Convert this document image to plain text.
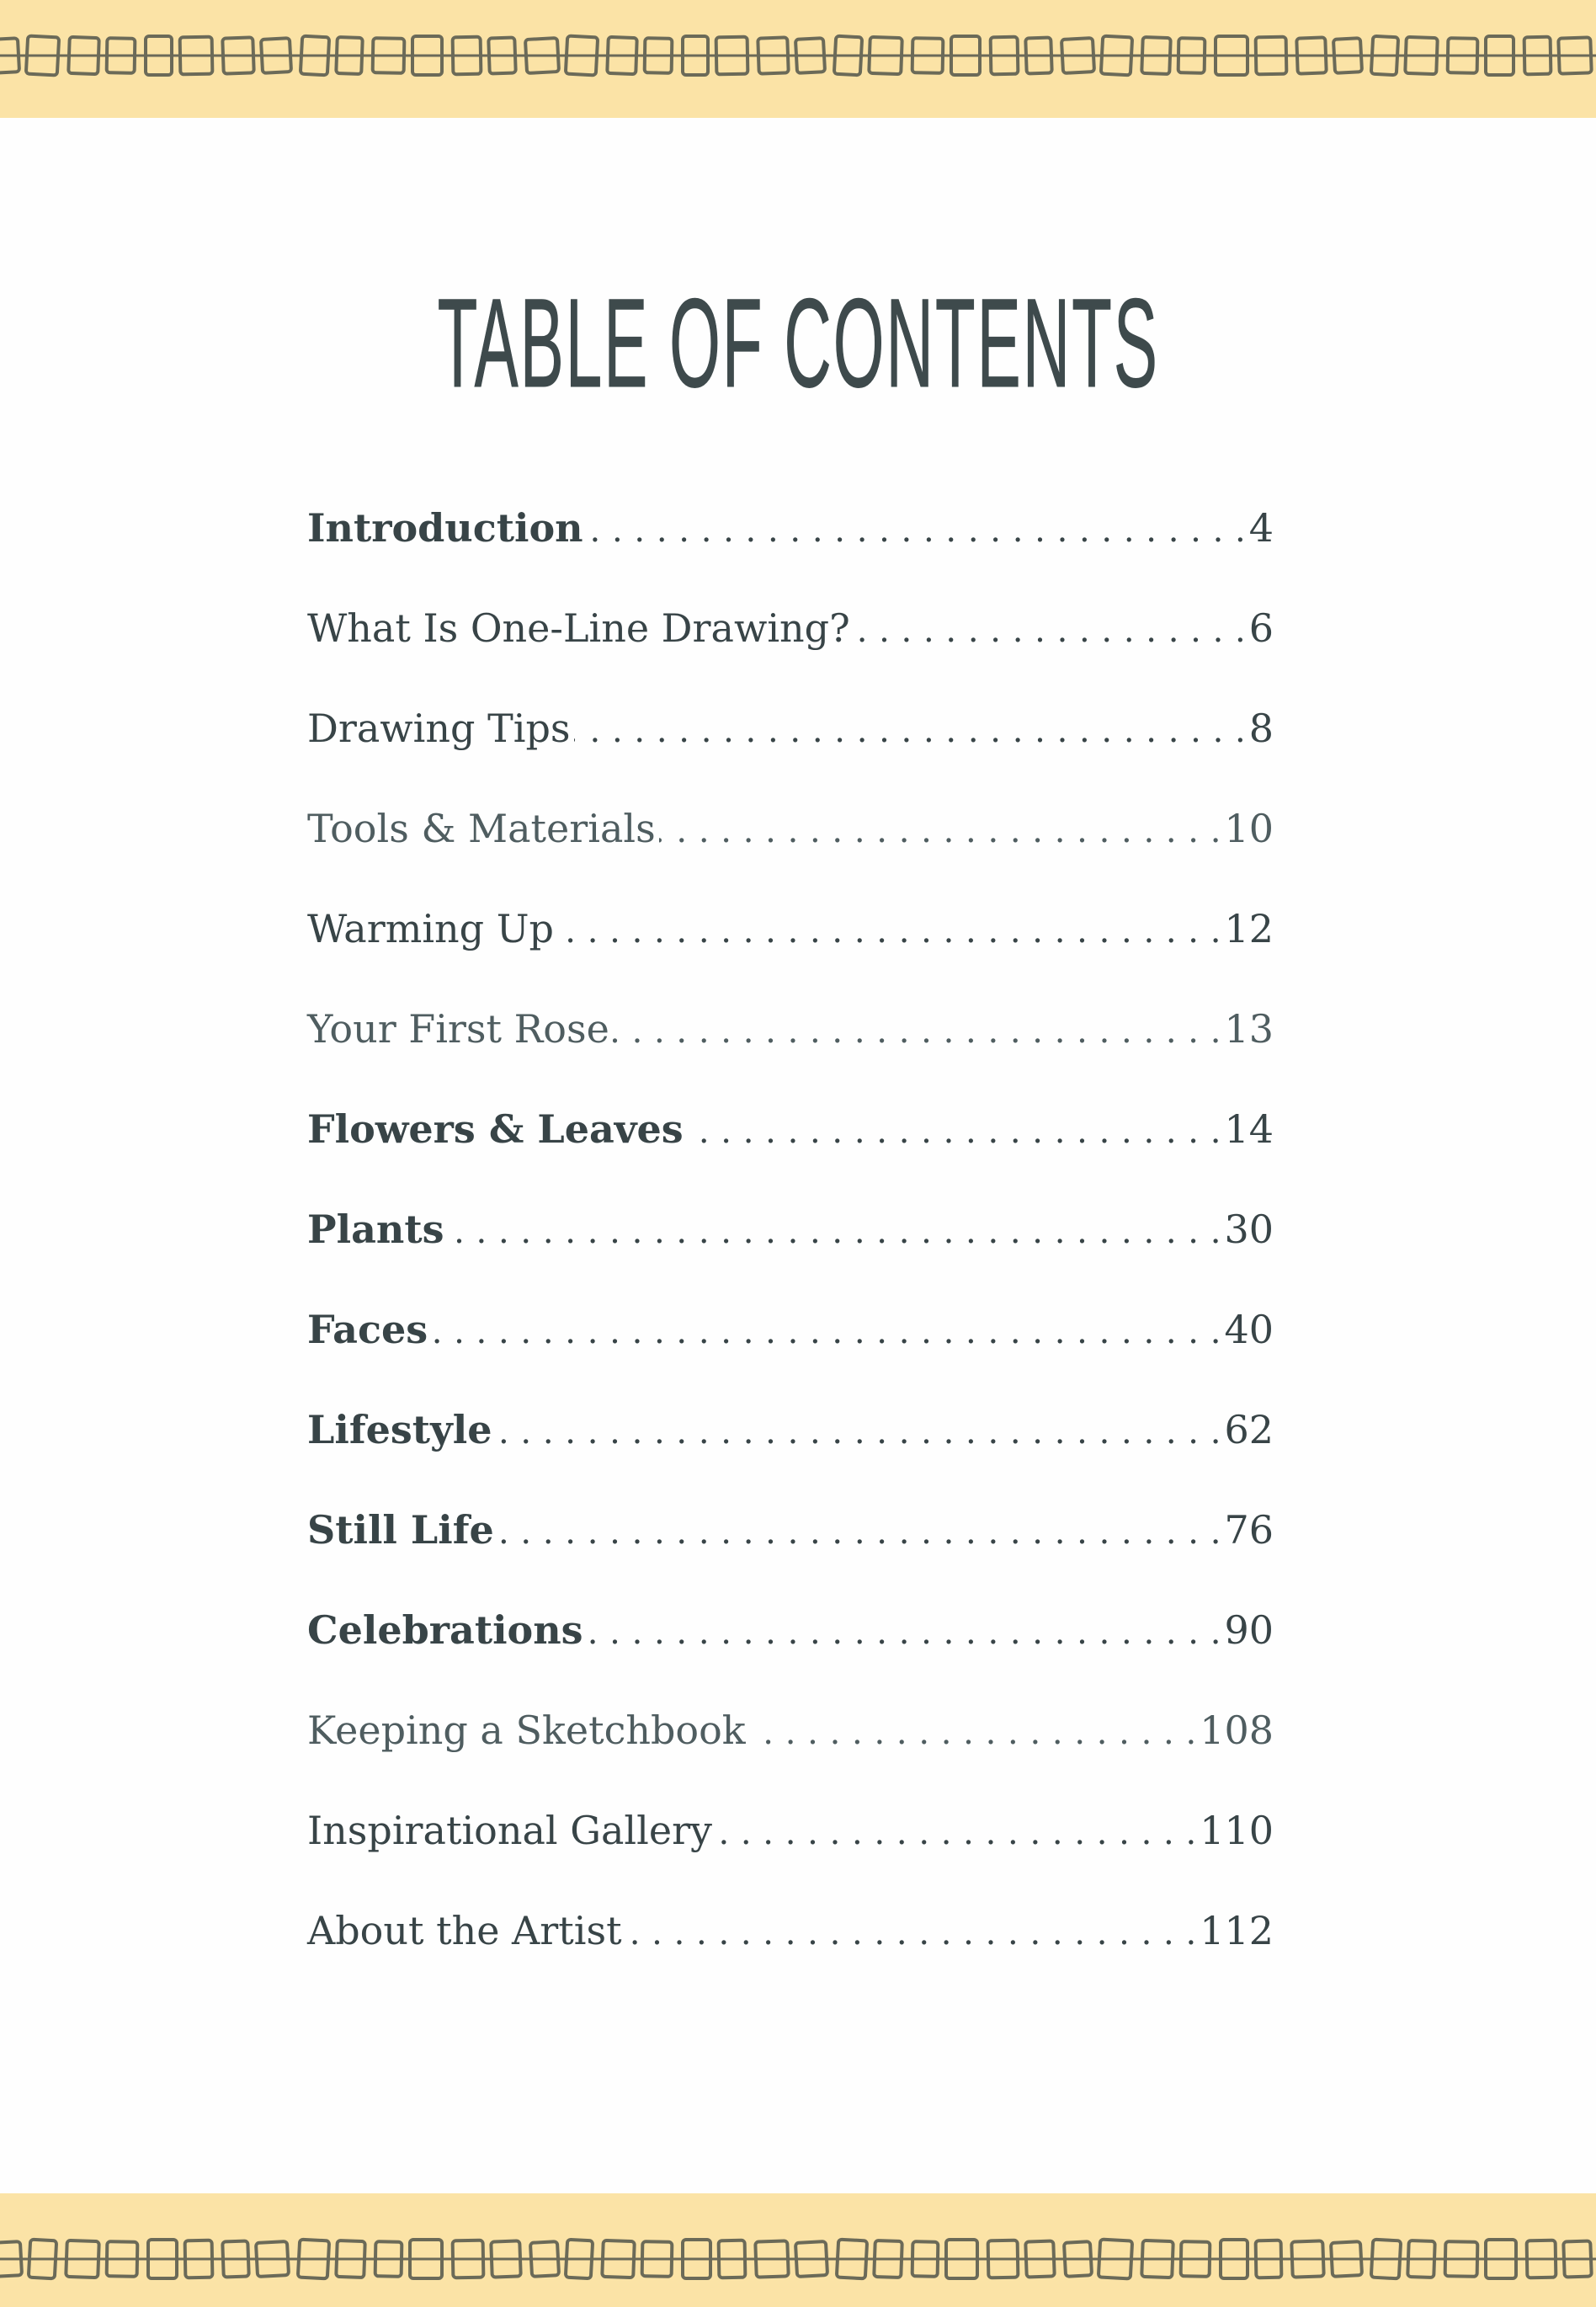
TABLE OF CONTENTS
Introduction . . .	4
What Is One-Line Drawing? . . .	6
Drawing Tips . . .	8
Tools & Materials . . .	10
Warming Up . . .	12
Your First Rose . . .	13
Flowers & Leaves . . .	14
Plants . . .	30
Faces . . .	40
Lifestyle . . .	62
Still Life . . .	76
Celebrations . . .	90
Keeping a Sketchbook . . .	108
Inspirational Gallery . . .	110
About the Artist . . .	112
